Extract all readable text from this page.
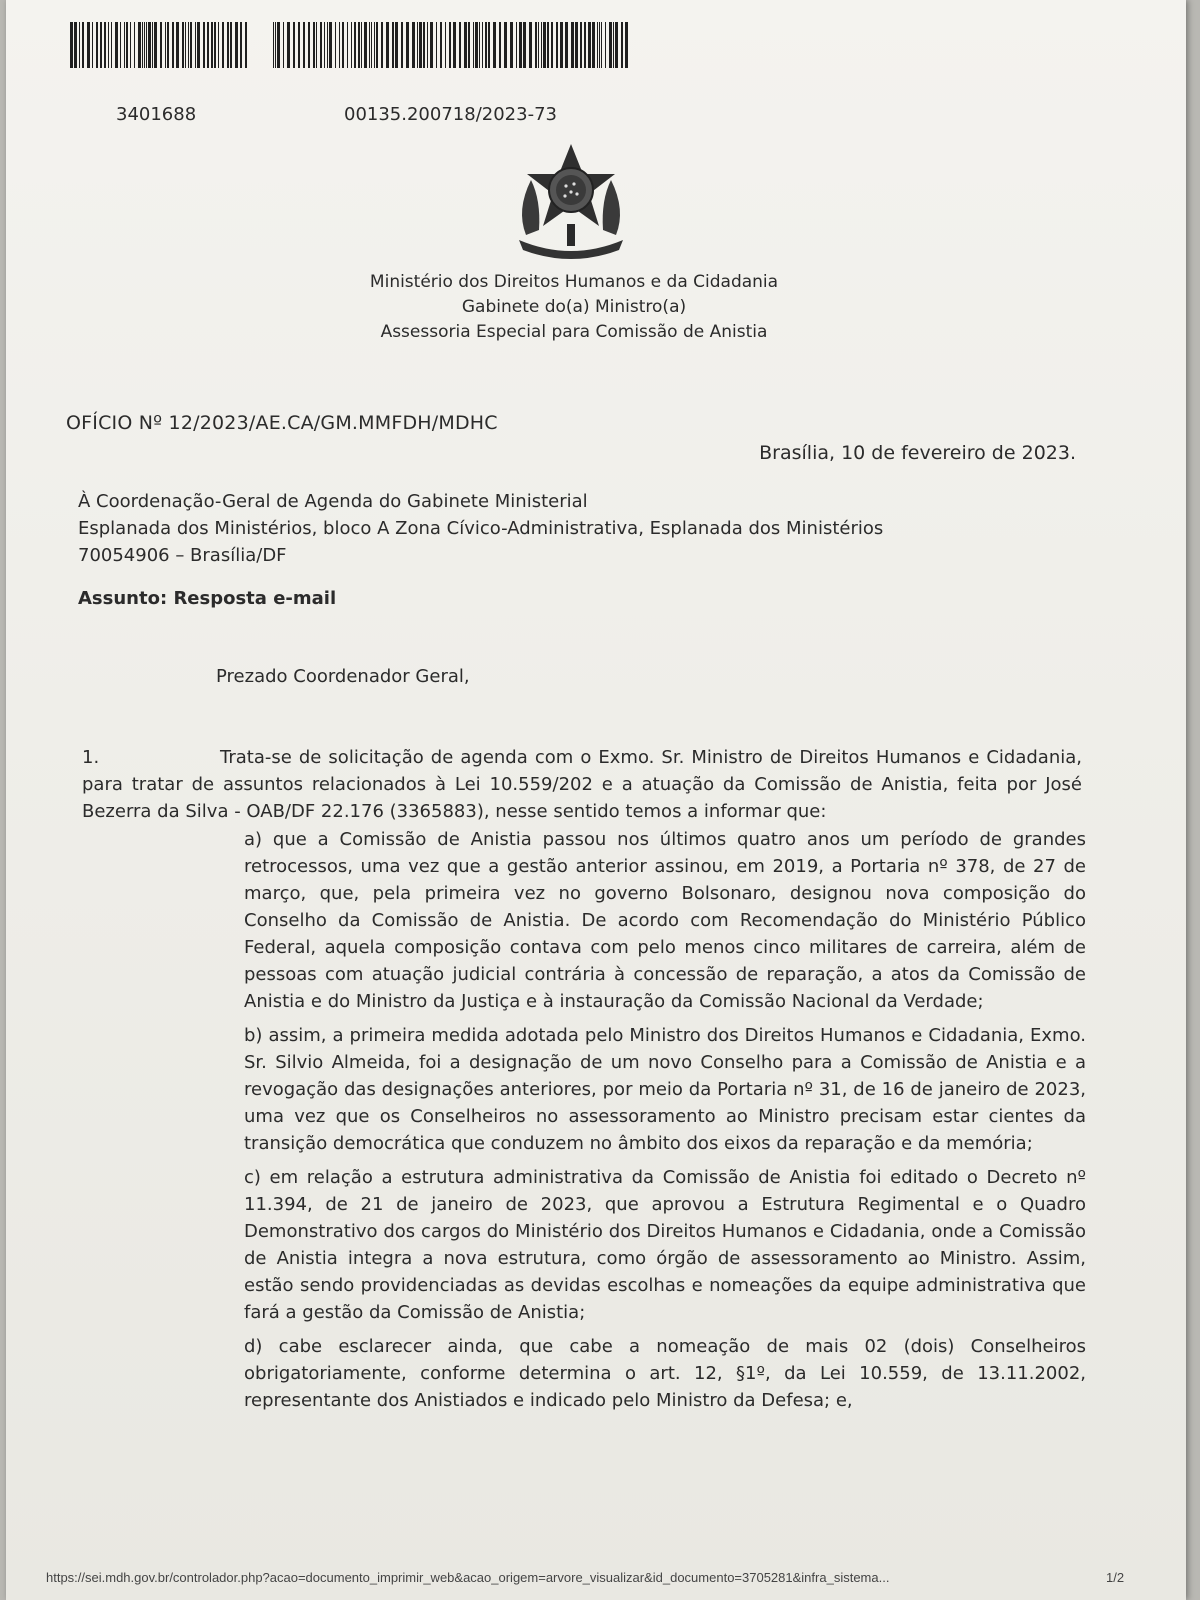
3401688	00135.200718/2023-73
Ministério dos Direitos Humanos e da Cidadania
Gabinete do(a) Ministro(a)
Assessoria Especial para Comissão de Anistia
OFÍCIO Nº 12/2023/AE.CA/GM.MMFDH/MDHC
Brasília, 10 de fevereiro de 2023.
À Coordenação-Geral de Agenda do Gabinete Ministerial
Esplanada dos Ministérios, bloco A Zona Cívico-Administrativa, Esplanada dos Ministérios
70054906 – Brasília/DF
Assunto: Resposta e-mail
Prezado Coordenador Geral,
1.	Trata-se de solicitação de agenda com o Exmo. Sr. Ministro de Direitos Humanos e Cidadania, para tratar de assuntos relacionados à Lei 10.559/202 e a atuação da Comissão de Anistia, feita por José Bezerra da Silva - OAB/DF 22.176 (3365883), nesse sentido temos a informar que:
a) que a Comissão de Anistia passou nos últimos quatro anos um período de grandes retrocessos, uma vez que a gestão anterior assinou, em 2019, a Portaria nº 378, de 27 de março, que, pela primeira vez no governo Bolsonaro, designou nova composição do Conselho da Comissão de Anistia. De acordo com Recomendação do Ministério Público Federal, aquela composição contava com pelo menos cinco militares de carreira, além de pessoas com atuação judicial contrária à concessão de reparação, a atos da Comissão de Anistia e do Ministro da Justiça e à instauração da Comissão Nacional da Verdade;
b) assim, a primeira medida adotada pelo Ministro dos Direitos Humanos e Cidadania, Exmo. Sr. Silvio Almeida, foi a designação de um novo Conselho para a Comissão de Anistia e a revogação das designações anteriores, por meio da Portaria nº 31, de 16 de janeiro de 2023, uma vez que os Conselheiros no assessoramento ao Ministro precisam estar cientes da transição democrática que conduzem no âmbito dos eixos da reparação e da memória;
c) em relação a estrutura administrativa da Comissão de Anistia foi editado o Decreto nº 11.394, de 21 de janeiro de 2023, que aprovou a Estrutura Regimental e o Quadro Demonstrativo dos cargos do Ministério dos Direitos Humanos e Cidadania, onde a Comissão de Anistia integra a nova estrutura, como órgão de assessoramento ao Ministro. Assim, estão sendo providenciadas as devidas escolhas e nomeações da equipe administrativa que fará a gestão da Comissão de Anistia;
d) cabe esclarecer ainda, que cabe a nomeação de mais 02 (dois) Conselheiros obrigatoriamente, conforme determina o art. 12, §1º, da Lei 10.559, de 13.11.2002, representante dos Anistiados e indicado pelo Ministro da Defesa; e,
https://sei.mdh.gov.br/controlador.php?acao=documento_imprimir_web&acao_origem=arvore_visualizar&id_documento=3705281&infra_sistema...	1/2
